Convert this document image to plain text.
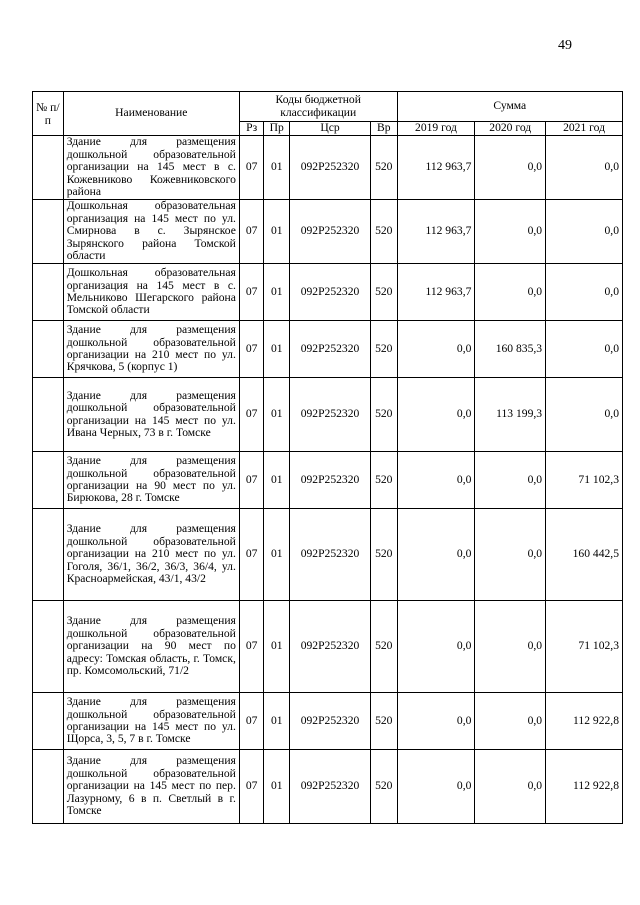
49
№ п/п	Наименование	Коды бюджетной классификации				Сумма		
		Рз	Пр	Цср	Вр	2019 год	2020 год	2021 год
	Здание для размещения дошкольной образовательной организации на 145 мест в с. Кожевниково Кожевниковского района	07	01	092P252320	520	112 963,7	0,0	0,0
	Дошкольная образовательная организация на 145 мест по ул. Смирнова в с. Зырянское Зырянского района Томской области	07	01	092P252320	520	112 963,7	0,0	0,0
	Дошкольная образовательная организация на 145 мест в с. Мельниково Шегарского района Томской области	07	01	092P252320	520	112 963,7	0,0	0,0
	Здание для размещения дошкольной образовательной организации на 210 мест по ул. Крячкова, 5 (корпус 1)	07	01	092P252320	520	0,0	160 835,3	0,0
	Здание для размещения дошкольной образовательной организации на 145 мест по ул. Ивана Черных, 73 в г. Томске	07	01	092P252320	520	0,0	113 199,3	0,0
	Здание для размещения дошкольной образовательной организации на 90 мест по ул. Бирюкова, 28 г. Томске	07	01	092P252320	520	0,0	0,0	71 102,3
	Здание для размещения дошкольной образовательной организации на 210 мест по ул. Гоголя, 36/1, 36/2, 36/3, 36/4, ул. Красноармейская, 43/1, 43/2	07	01	092P252320	520	0,0	0,0	160 442,5
	Здание для размещения дошкольной образовательной организации на 90 мест по адресу: Томская область, г. Томск, пр. Комсомольский, 71/2	07	01	092P252320	520	0,0	0,0	71 102,3
	Здание для размещения дошкольной образовательной организации на 145 мест по ул. Щорса, 3, 5, 7 в г. Томске	07	01	092P252320	520	0,0	0,0	112 922,8
	Здание для размещения дошкольной образовательной организации на 145 мест по пер. Лазурному, 6 в п. Светлый в г. Томске	07	01	092P252320	520	0,0	0,0	112 922,8
